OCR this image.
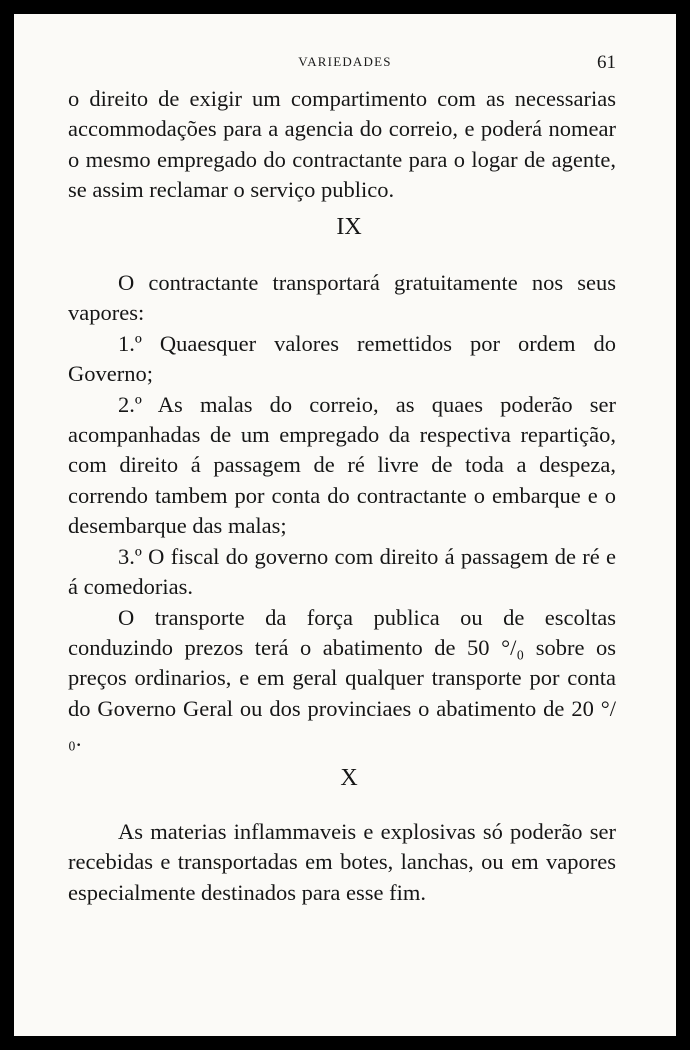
VARIEDADES	61

o direito de exigir um compartimento com as necessarias accommodações para a agencia do correio, e poderá nomear o mesmo empregado do contractante para o logar de agente, se assim reclamar o serviço publico.

IX

O contractante transportará gratuitamente nos seus vapores:

1.º Quaesquer valores remettidos por ordem do Governo;

2.º As malas do correio, as quaes poderão ser acompanhadas de um empregado da respectiva repartição, com direito á passagem de ré livre de toda a despeza, correndo tambem por conta do contractante o embarque e o desembarque das malas;

3.º O fiscal do governo com direito á passagem de ré e á comedorias.

O transporte da força publica ou de escoltas conduzindo prezos terá o abatimento de 50 °/₀ sobre os preços ordinarios, e em geral qualquer transporte por conta do Governo Geral ou dos provinciaes o abatimento de 20 °/₀.

X

As materias inflammaveis e explosivas só poderão ser recebidas e transportadas em botes, lanchas, ou em vapores especialmente destinados para esse fim.
